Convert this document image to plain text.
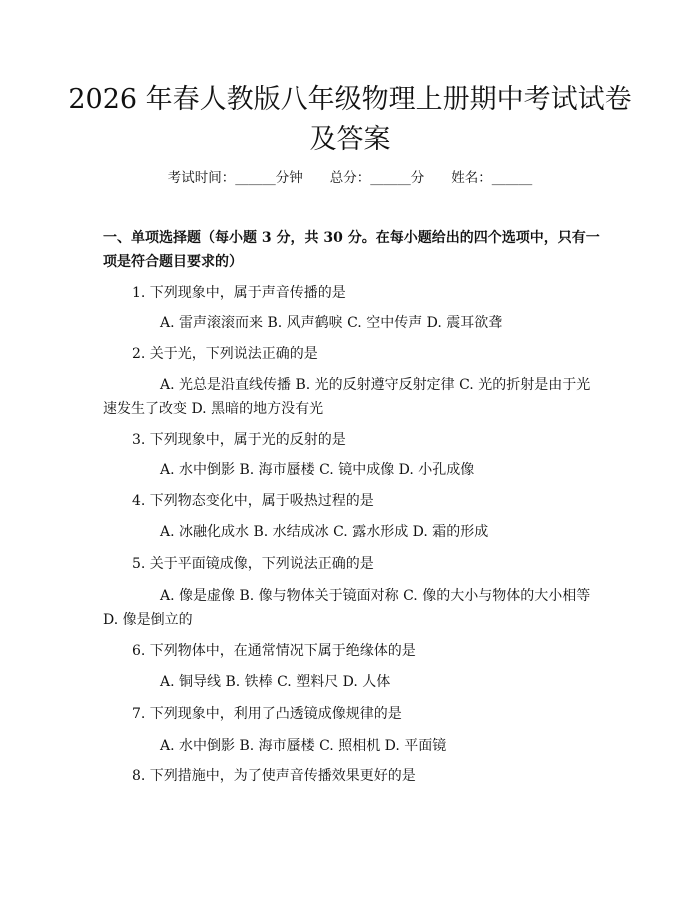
2026 年春人教版八年级物理上册期中考试试卷及答案
考试时间：______分钟　　总分：______分　　姓名：______
一、单项选择题（每小题 3 分，共 30 分。在每小题给出的四个选项中，只有一项是符合题目要求的）
1. 下列现象中，属于声音传播的是
A. 雷声滚滚而来 B. 风声鹤唳 C. 空中传声 D. 震耳欲聋
2. 关于光，下列说法正确的是
A. 光总是沿直线传播 B. 光的反射遵守反射定律 C. 光的折射是由于光速发生了改变 D. 黑暗的地方没有光
3. 下列现象中，属于光的反射的是
A. 水中倒影 B. 海市蜃楼 C. 镜中成像 D. 小孔成像
4. 下列物态变化中，属于吸热过程的是
A. 冰融化成水 B. 水结成冰 C. 露水形成 D. 霜的形成
5. 关于平面镜成像，下列说法正确的是
A. 像是虚像 B. 像与物体关于镜面对称 C. 像的大小与物体的大小相等 D. 像是倒立的
6. 下列物体中，在通常情况下属于绝缘体的是
A. 铜导线 B. 铁棒 C. 塑料尺 D. 人体
7. 下列现象中，利用了凸透镜成像规律的是
A. 水中倒影 B. 海市蜃楼 C. 照相机 D. 平面镜
8. 下列措施中，为了使声音传播效果更好的是
